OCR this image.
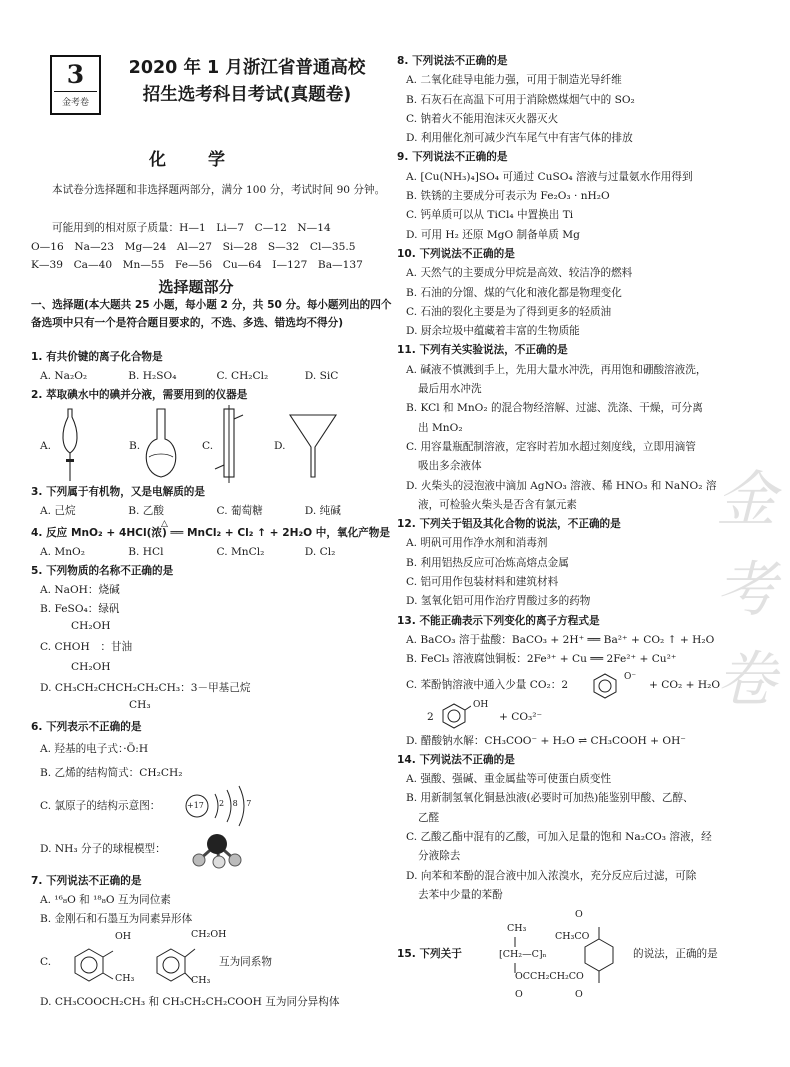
3
金考卷
2020 年 1 月浙江省普通高校
招生选考科目考试(真题卷)
化 学
本试卷分选择题和非选择题两部分，满分 100 分，考试时间 90 分钟。
可能用到的相对原子质量：H—1　Li—7　C—12　N—14
O—16　Na—23　Mg—24　Al—27　Si—28　S—32　Cl—35.5
K—39　Ca—40　Mn—55　Fe—56　Cu—64　I—127　Ba—137
选择题部分
一、选择题(本大题共 25 小题，每小题 2 分，共 50 分。每小题列出的四个备选项中只有一个是符合题目要求的，不选、多选、错选均不得分)
1. 有共价键的离子化合物是
A. Na₂O₂	B. H₂SO₄	C. CH₂Cl₂	D. SiC
2. 萃取碘水中的碘并分液，需要用到的仪器是
A.	B.	C.	D.
3. 下列属于有机物，又是电解质的是
A. 己烷	B. 乙酸	C. 葡萄糖	D. 纯碱
△
4. 反应 MnO₂ + 4HCl(浓) ══ MnCl₂ + Cl₂ ↑ + 2H₂O 中，氧化产物是
A. MnO₂	B. HCl	C. MnCl₂	D. Cl₂
5. 下列物质的名称不正确的是
A. NaOH：烧碱
B. FeSO₄：绿矾
CH₂OH
C. CHOH　：甘油
CH₂OH
D. CH₃CH₂CHCH₂CH₂CH₃：3－甲基己烷
CH₃
6. 下列表示不正确的是
A. 羟基的电子式：·Ö:H
B. 乙烯的结构简式：CH₂CH₂
C. 氯原子的结构示意图：	+17 2 8 7
D. NH₃ 分子的球棍模型：
7. 下列说法不正确的是
A. ¹⁶₈O 和 ¹⁸₈O 互为同位素
B. 金刚石和石墨互为同素异形体
C.
OH
CH₃
CH₂OH
CH₃
互为同系物
D. CH₃COOCH₂CH₃ 和 CH₃CH₂CH₂COOH 互为同分异构体
8. 下列说法不正确的是
A. 二氧化硅导电能力强，可用于制造光导纤维
B. 石灰石在高温下可用于消除燃煤烟气中的 SO₂
C. 钠着火不能用泡沫灭火器灭火
D. 利用催化剂可减少汽车尾气中有害气体的排放
9. 下列说法不正确的是
A. [Cu(NH₃)₄]SO₄ 可通过 CuSO₄ 溶液与过量氨水作用得到
B. 铁锈的主要成分可表示为 Fe₂O₃ · nH₂O
C. 钙单质可以从 TiCl₄ 中置换出 Ti
D. 可用 H₂ 还原 MgO 制备单质 Mg
10. 下列说法不正确的是
A. 天然气的主要成分甲烷是高效、较洁净的燃料
B. 石油的分馏、煤的气化和液化都是物理变化
C. 石油的裂化主要是为了得到更多的轻质油
D. 厨余垃圾中蕴藏着丰富的生物质能
11. 下列有关实验说法，不正确的是
A. 碱液不慎溅到手上，先用大量水冲洗，再用饱和硼酸溶液洗，
最后用水冲洗
B. KCl 和 MnO₂ 的混合物经溶解、过滤、洗涤、干燥，可分离
出 MnO₂
C. 用容量瓶配制溶液，定容时若加水超过刻度线，立即用滴管
吸出多余液体
D. 火柴头的浸泡液中滴加 AgNO₃ 溶液、稀 HNO₃ 和 NaNO₂ 溶
液，可检验火柴头是否含有氯元素
12. 下列关于铝及其化合物的说法，不正确的是
A. 明矾可用作净水剂和消毒剂
B. 利用铝热反应可冶炼高熔点金属
C. 铝可用作包装材料和建筑材料
D. 氢氧化铝可用作治疗胃酸过多的药物
13. 不能正确表示下列变化的离子方程式是
A. BaCO₃ 溶于盐酸：BaCO₃ + 2H⁺ ══ Ba²⁺ + CO₂ ↑ + H₂O
B. FeCl₃ 溶液腐蚀铜板：2Fe³⁺ + Cu ══ 2Fe²⁺ + Cu²⁺
C. 苯酚钠溶液中通入少量 CO₂：2
O⁻
+ CO₂ + H₂O
2
OH
+ CO₃²⁻
D. 醋酸钠水解：CH₃COO⁻ + H₂O ⇌ CH₃COOH + OH⁻
14. 下列说法不正确的是
A. 强酸、强碱、重金属盐等可使蛋白质变性
B. 用新制氢氧化铜悬浊液(必要时可加热)能鉴别甲酸、乙醇、
乙醛
C. 乙酸乙酯中混有的乙酸，可加入足量的饱和 Na₂CO₃ 溶液，经
分液除去
D. 向苯和苯酚的混合液中加入浓溴水，充分反应后过滤，可除
去苯中少量的苯酚
15. 下列关于
CH₃
[CH₂—C]ₙ
CH₃CO
OCCH₂CH₂CO
O
O	O
的说法，正确的是
金考卷
